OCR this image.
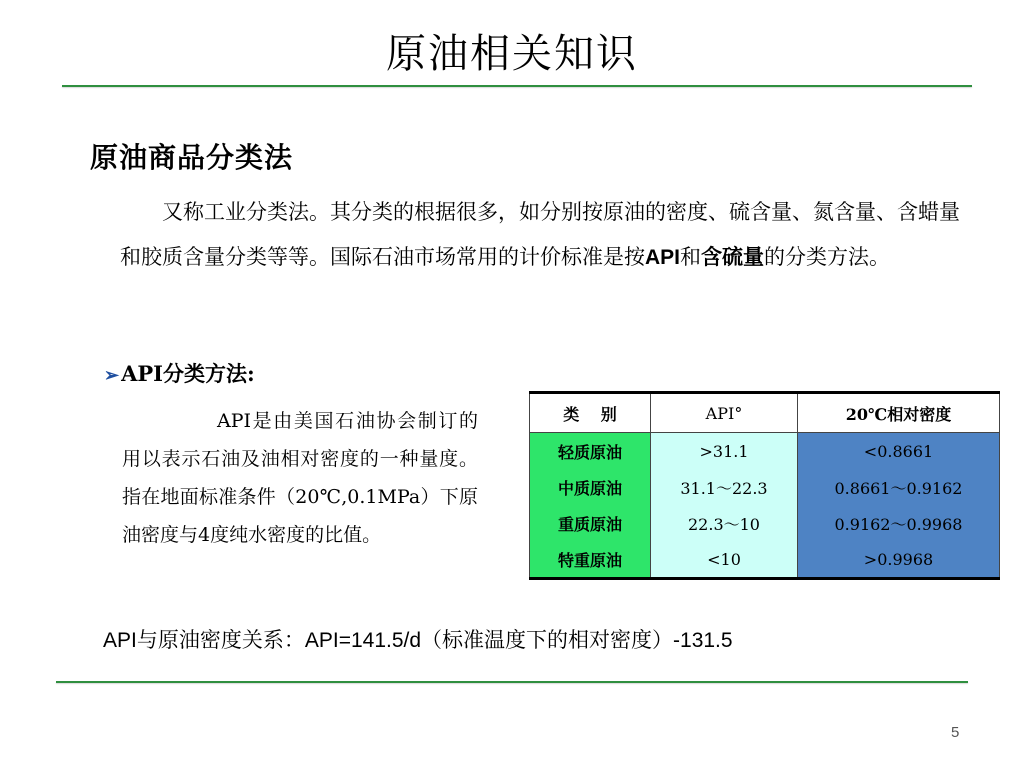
原油相关知识
原油商品分类法
又称工业分类法。其分类的根据很多，如分别按原油的密度、硫含量、氮含量、含蜡量和胶质含量分类等等。国际石油市场常用的计价标准是按API和含硫量的分类方法。
➢API分类方法:
API是由美国石油协会制订的用以表示石油及油相对密度的一种量度。指在地面标准条件（20℃,0.1MPa）下原油密度与4度纯水密度的比值。
类　 别	API°	20℃相对密度
轻质原油	>31.1	<0.8661
中质原油	31.1～22.3	0.8661～0.9162
重质原油	22.3～10	0.9162～0.9968
特重原油	<10	>0.9968
API与原油密度关系：API=141.5/d（标准温度下的相对密度）-131.5
5
